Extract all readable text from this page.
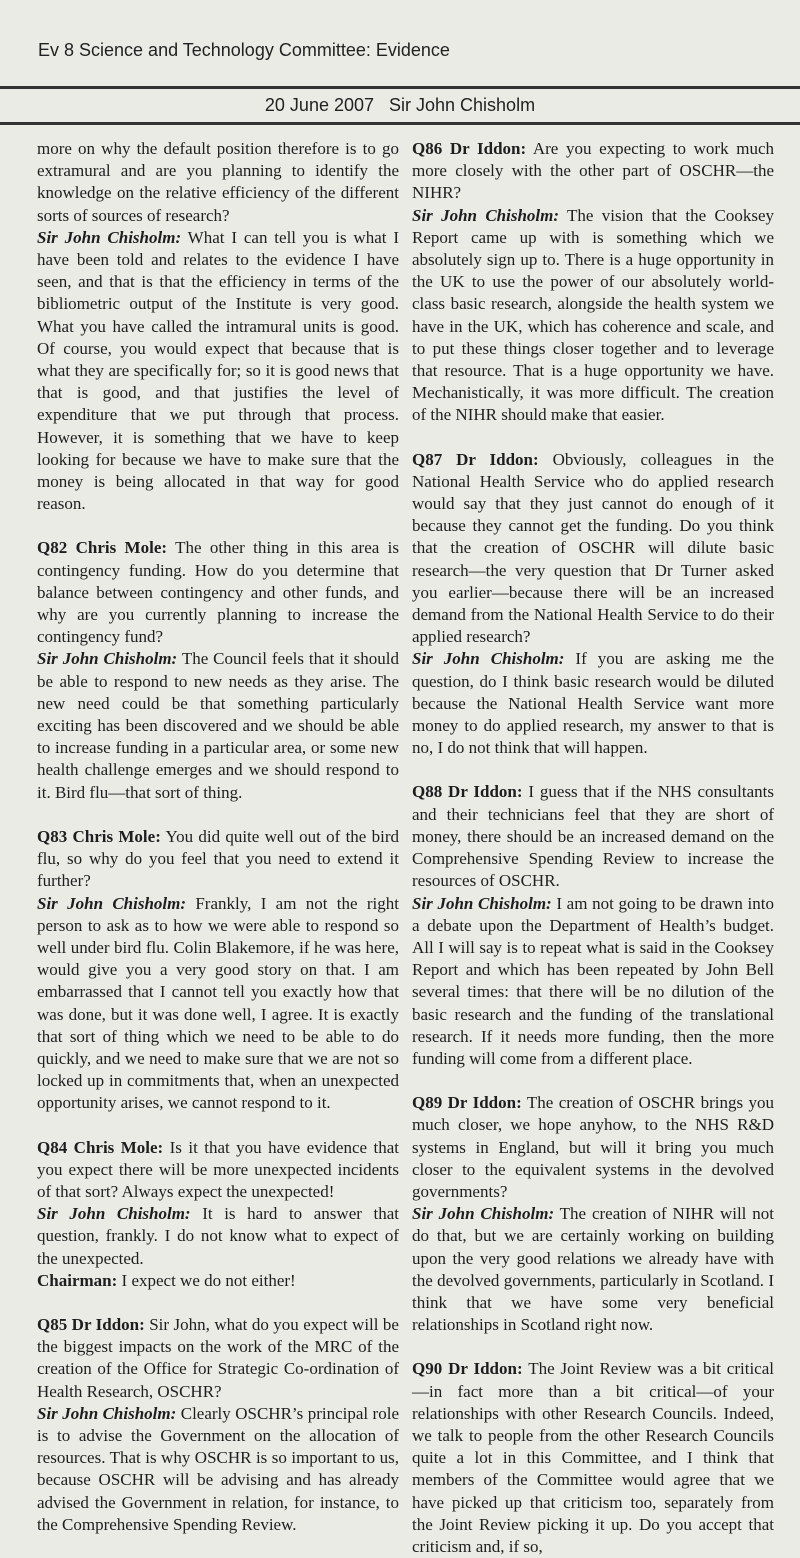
Ev 8 Science and Technology Committee: Evidence
20 June 2007   Sir John Chisholm

more on why the default position therefore is to go extramural and are you planning to identify the knowledge on the relative efficiency of the different sorts of sources of research?

Sir John Chisholm: What I can tell you is what I have been told and relates to the evidence I have seen, and that is that the efficiency in terms of the bibliometric output of the Institute is very good. What you have called the intramural units is good. Of course, you would expect that because that is what they are specifically for; so it is good news that that is good, and that justifies the level of expenditure that we put through that process. However, it is something that we have to keep looking for because we have to make sure that the money is being allocated in that way for good reason.

Q82 Chris Mole: The other thing in this area is contingency funding. How do you determine that balance between contingency and other funds, and why are you currently planning to increase the contingency fund?

Sir John Chisholm: The Council feels that it should be able to respond to new needs as they arise. The new need could be that something particularly exciting has been discovered and we should be able to increase funding in a particular area, or some new health challenge emerges and we should respond to it. Bird flu—that sort of thing.

Q83 Chris Mole: You did quite well out of the bird flu, so why do you feel that you need to extend it further?

Sir John Chisholm: Frankly, I am not the right person to ask as to how we were able to respond so well under bird flu. Colin Blakemore, if he was here, would give you a very good story on that. I am embarrassed that I cannot tell you exactly how that was done, but it was done well, I agree. It is exactly that sort of thing which we need to be able to do quickly, and we need to make sure that we are not so locked up in commitments that, when an unexpected opportunity arises, we cannot respond to it.

Q84 Chris Mole: Is it that you have evidence that you expect there will be more unexpected incidents of that sort? Always expect the unexpected!

Sir John Chisholm: It is hard to answer that question, frankly. I do not know what to expect of the unexpected.

Chairman: I expect we do not either!

Q85 Dr Iddon: Sir John, what do you expect will be the biggest impacts on the work of the MRC of the creation of the Office for Strategic Co-ordination of Health Research, OSCHR?

Sir John Chisholm: Clearly OSCHR’s principal role is to advise the Government on the allocation of resources. That is why OSCHR is so important to us, because OSCHR will be advising and has already advised the Government in relation, for instance, to the Comprehensive Spending Review.

Q86 Dr Iddon: Are you expecting to work much more closely with the other part of OSCHR—the NIHR?

Sir John Chisholm: The vision that the Cooksey Report came up with is something which we absolutely sign up to. There is a huge opportunity in the UK to use the power of our absolutely world-class basic research, alongside the health system we have in the UK, which has coherence and scale, and to put these things closer together and to leverage that resource. That is a huge opportunity we have. Mechanistically, it was more difficult. The creation of the NIHR should make that easier.

Q87 Dr Iddon: Obviously, colleagues in the National Health Service who do applied research would say that they just cannot do enough of it because they cannot get the funding. Do you think that the creation of OSCHR will dilute basic research—the very question that Dr Turner asked you earlier—because there will be an increased demand from the National Health Service to do their applied research?

Sir John Chisholm: If you are asking me the question, do I think basic research would be diluted because the National Health Service want more money to do applied research, my answer to that is no, I do not think that will happen.

Q88 Dr Iddon: I guess that if the NHS consultants and their technicians feel that they are short of money, there should be an increased demand on the Comprehensive Spending Review to increase the resources of OSCHR.

Sir John Chisholm: I am not going to be drawn into a debate upon the Department of Health’s budget. All I will say is to repeat what is said in the Cooksey Report and which has been repeated by John Bell several times: that there will be no dilution of the basic research and the funding of the translational research. If it needs more funding, then the more funding will come from a different place.

Q89 Dr Iddon: The creation of OSCHR brings you much closer, we hope anyhow, to the NHS R&D systems in England, but will it bring you much closer to the equivalent systems in the devolved governments?

Sir John Chisholm: The creation of NIHR will not do that, but we are certainly working on building upon the very good relations we already have with the devolved governments, particularly in Scotland. I think that we have some very beneficial relationships in Scotland right now.

Q90 Dr Iddon: The Joint Review was a bit critical—in fact more than a bit critical—of your relationships with other Research Councils. Indeed, we talk to people from the other Research Councils quite a lot in this Committee, and I think that members of the Committee would agree that we have picked up that criticism too, separately from the Joint Review picking it up. Do you accept that criticism and, if so,
